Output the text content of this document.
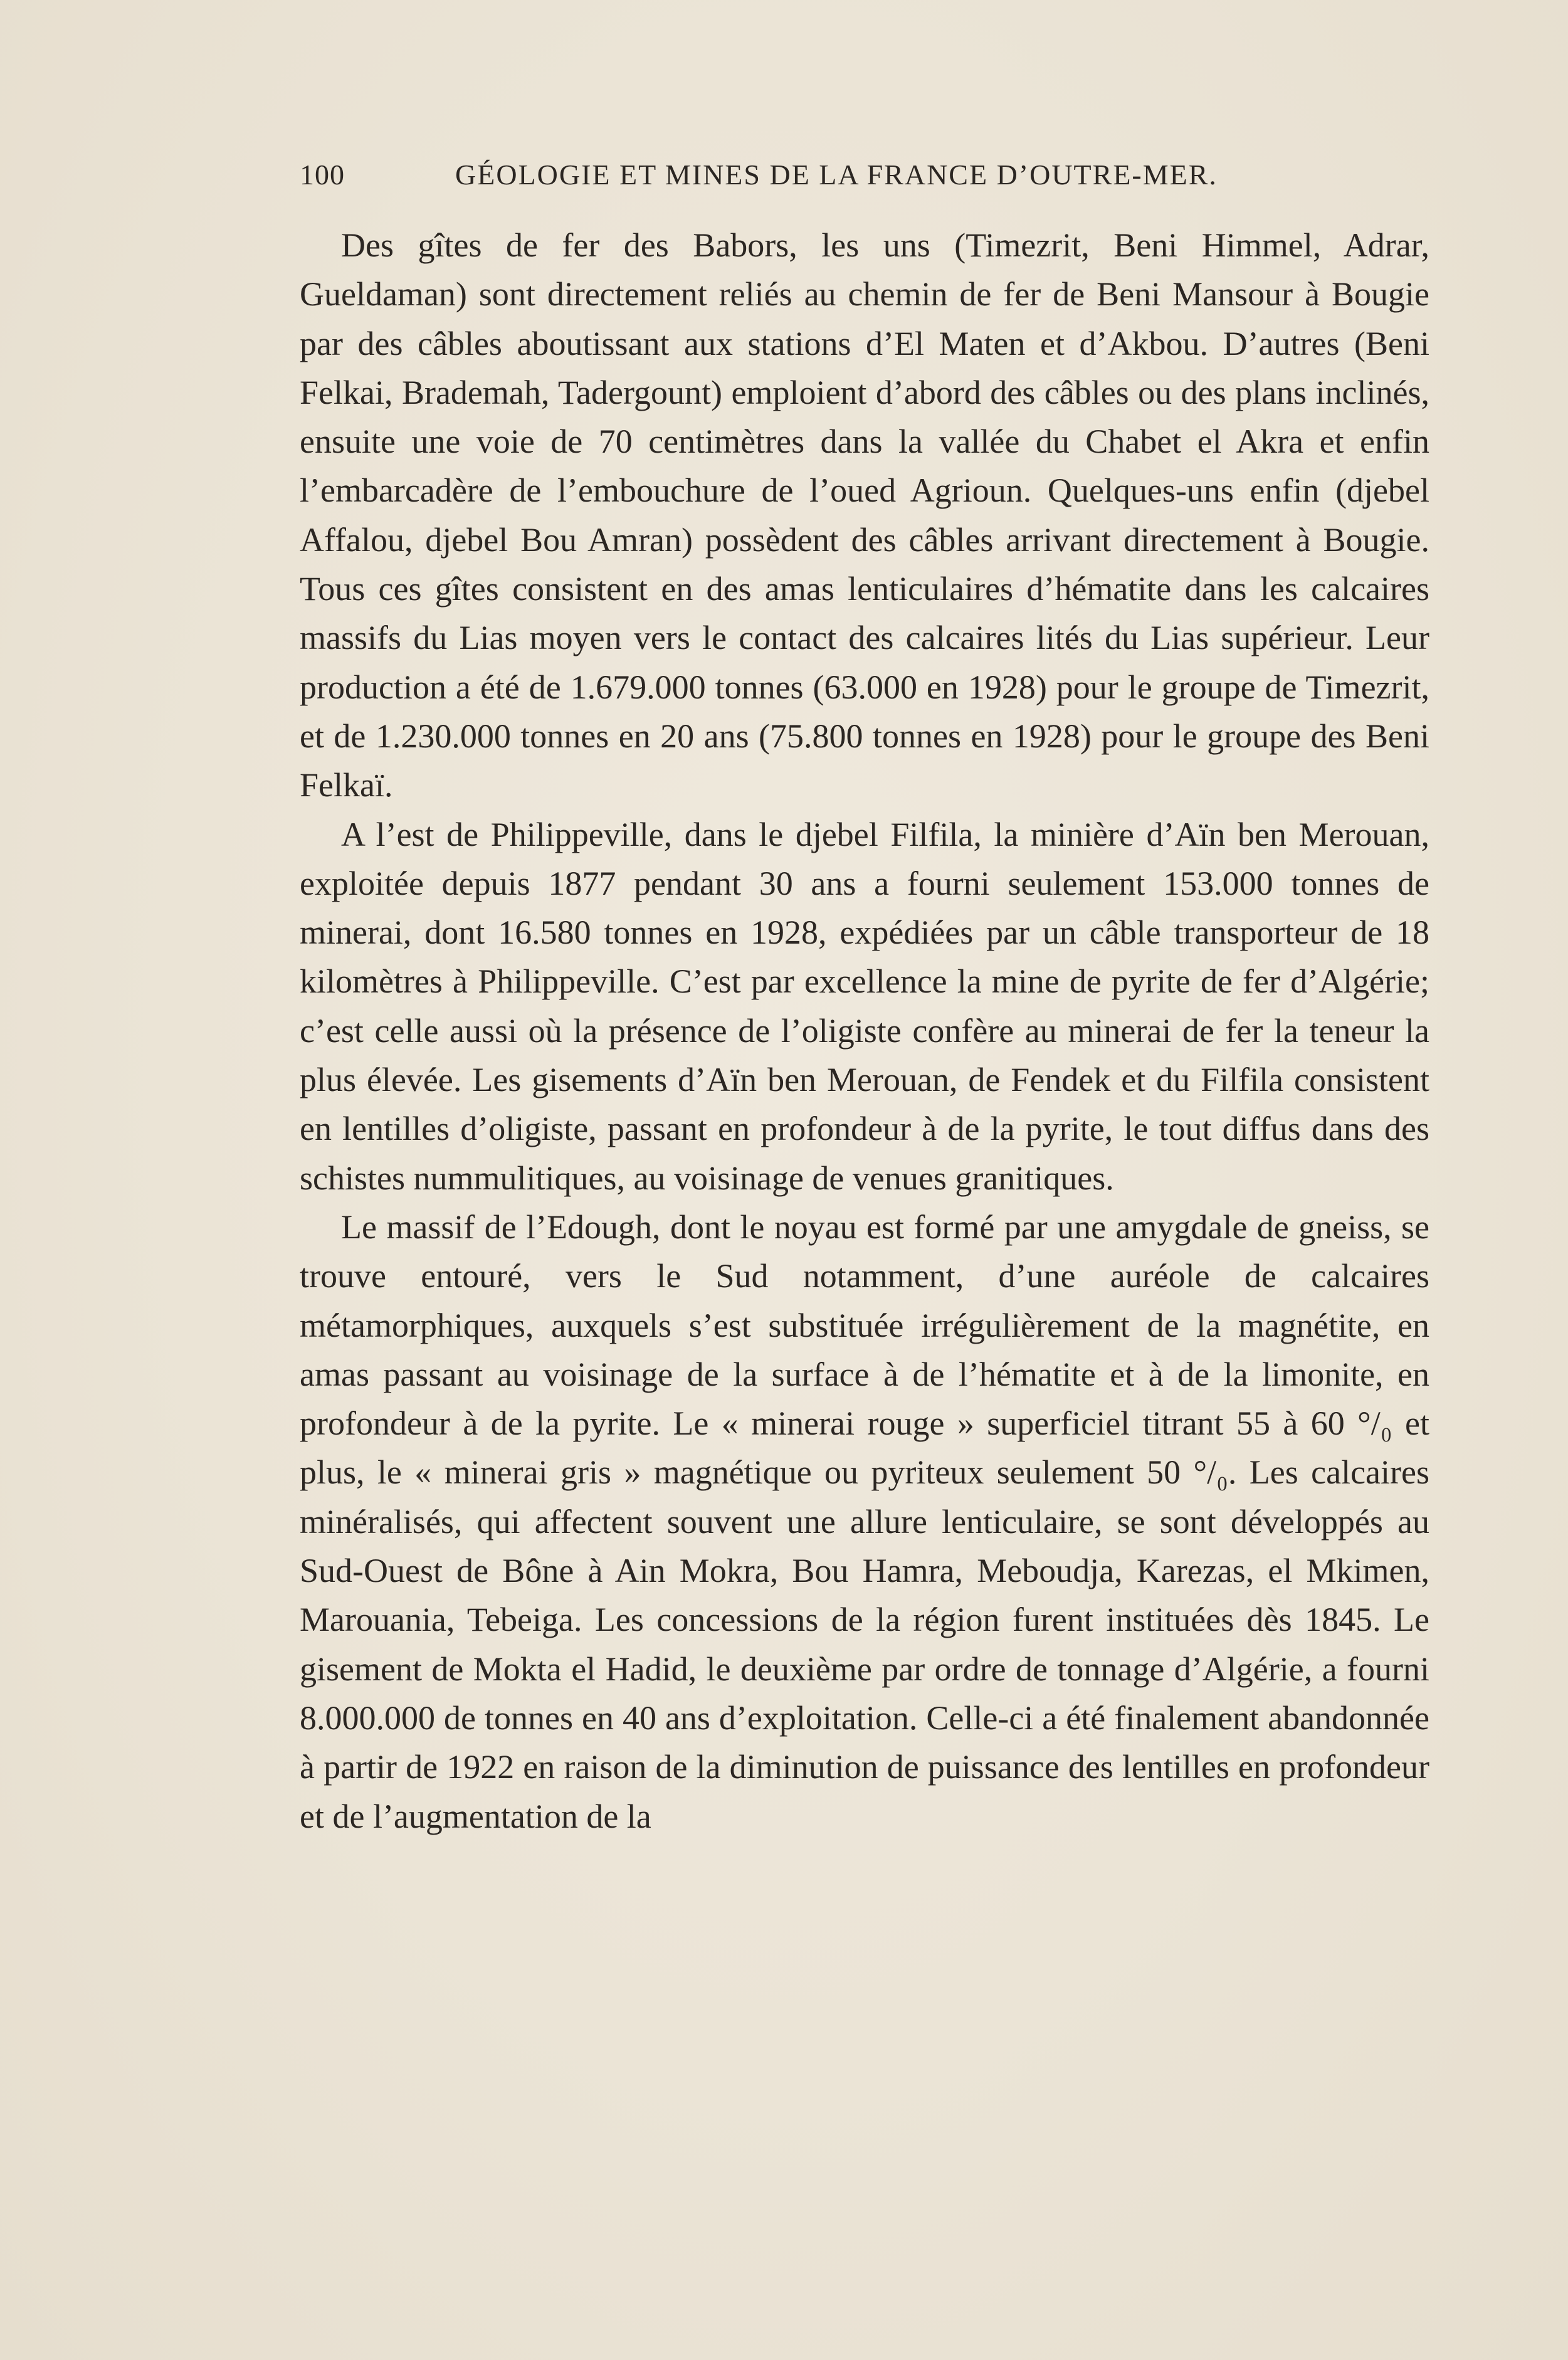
100	GÉOLOGIE ET MINES DE LA FRANCE D’OUTRE-MER.

Des gîtes de fer des Babors, les uns (Timezrit, Beni Himmel, Adrar, Gueldaman) sont directement reliés au chemin de fer de Beni Mansour à Bougie par des câbles aboutissant aux stations d’El Maten et d’Akbou. D’autres (Beni Felkai, Brademah, Tadergount) emploient d’abord des câbles ou des plans inclinés, ensuite une voie de 70 centimètres dans la vallée du Chabet el Akra et enfin l’embarcadère de l’embouchure de l’oued Agrioun. Quelques-uns enfin (djebel Affalou, djebel Bou Amran) possèdent des câbles arrivant directement à Bougie. Tous ces gîtes consistent en des amas lenticulaires d’hématite dans les calcaires massifs du Lias moyen vers le contact des calcaires lités du Lias supérieur. Leur production a été de 1.679.000 tonnes (63.000 en 1928) pour le groupe de Timezrit, et de 1.230.000 tonnes en 20 ans (75.800 tonnes en 1928) pour le groupe des Beni Felkaï.

A l’est de Philippeville, dans le djebel Filfila, la minière d’Aïn ben Merouan, exploitée depuis 1877 pendant 30 ans a fourni seulement 153.000 tonnes de minerai, dont 16.580 tonnes en 1928, expédiées par un câble transporteur de 18 kilomètres à Philippeville. C’est par excellence la mine de pyrite de fer d’Algérie; c’est celle aussi où la présence de l’oligiste confère au minerai de fer la teneur la plus élevée. Les gisements d’Aïn ben Merouan, de Fendek et du Filfila consistent en lentilles d’oligiste, passant en profondeur à de la pyrite, le tout diffus dans des schistes nummulitiques, au voisinage de venues granitiques.

Le massif de l’Edough, dont le noyau est formé par une amygdale de gneiss, se trouve entouré, vers le Sud notamment, d’une auréole de calcaires métamorphiques, auxquels s’est substituée irrégulièrement de la magnétite, en amas passant au voisinage de la surface à de l’hématite et à de la limonite, en profondeur à de la pyrite. Le « minerai rouge » superficiel titrant 55 à 60 °/₀ et plus, le « minerai gris » magnétique ou pyriteux seulement 50 °/₀. Les calcaires minéralisés, qui affectent souvent une allure lenticulaire, se sont développés au Sud-Ouest de Bône à Ain Mokra, Bou Hamra, Meboudja, Karezas, el Mkimen, Marouania, Tebeiga. Les concessions de la région furent instituées dès 1845. Le gisement de Mokta el Hadid, le deuxième par ordre de tonnage d’Algérie, a fourni 8.000.000 de tonnes en 40 ans d’exploitation. Celle-ci a été finalement abandonnée à partir de 1922 en raison de la diminution de puissance des lentilles en profondeur et de l’augmentation de la
